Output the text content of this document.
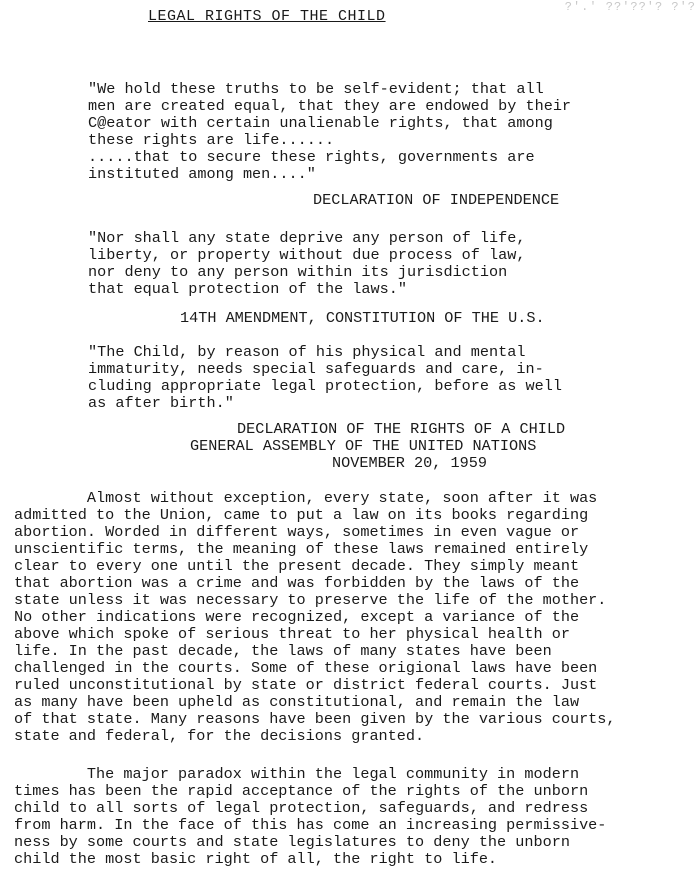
?'.' ??'??'? ?'?
LEGAL RIGHTS OF THE CHILD
"We hold these truths to be self-evident; that all
men are created equal, that they are endowed by their
C@eator with certain unalienable rights, that among
these rights are life......
.....that to secure these rights, governments are
instituted among men...."
DECLARATION OF INDEPENDENCE
"Nor shall any state deprive any person of life,
liberty, or property without due process of law,
nor deny to any person within its jurisdiction
that equal protection of the laws."
14TH AMENDMENT, CONSTITUTION OF THE U.S.
"The Child, by reason of his physical and mental
immaturity, needs special safeguards and care, in-
cluding appropriate legal protection, before as well
as after birth."
DECLARATION OF THE RIGHTS OF A CHILD
GENERAL ASSEMBLY OF THE UNITED NATIONS
NOVEMBER 20, 1959
Almost without exception, every state, soon after it was
admitted to the Union, came to put a law on its books regarding
abortion. Worded in different ways, sometimes in even vague or
unscientific terms, the meaning of these laws remained entirely
clear to every one until the present decade. They simply meant
that abortion was a crime and was forbidden by the laws of the
state unless it was necessary to preserve the life of the mother.
No other indications were recognized, except a variance of the
above which spoke of serious threat to her physical health or
life. In the past decade, the laws of many states have been
challenged in the courts. Some of these origional laws have been
ruled unconstitutional by state or district federal courts. Just
as many have been upheld as constitutional, and remain the law
of that state. Many reasons have been given by the various courts,
state and federal, for the decisions granted.
The major paradox within the legal community in modern
times has been the rapid acceptance of the rights of the unborn
child to all sorts of legal protection, safeguards, and redress
from harm. In the face of this has come an increasing permissive-
ness by some courts and state legislatures to deny the unborn
child the most basic right of all, the right to life.
